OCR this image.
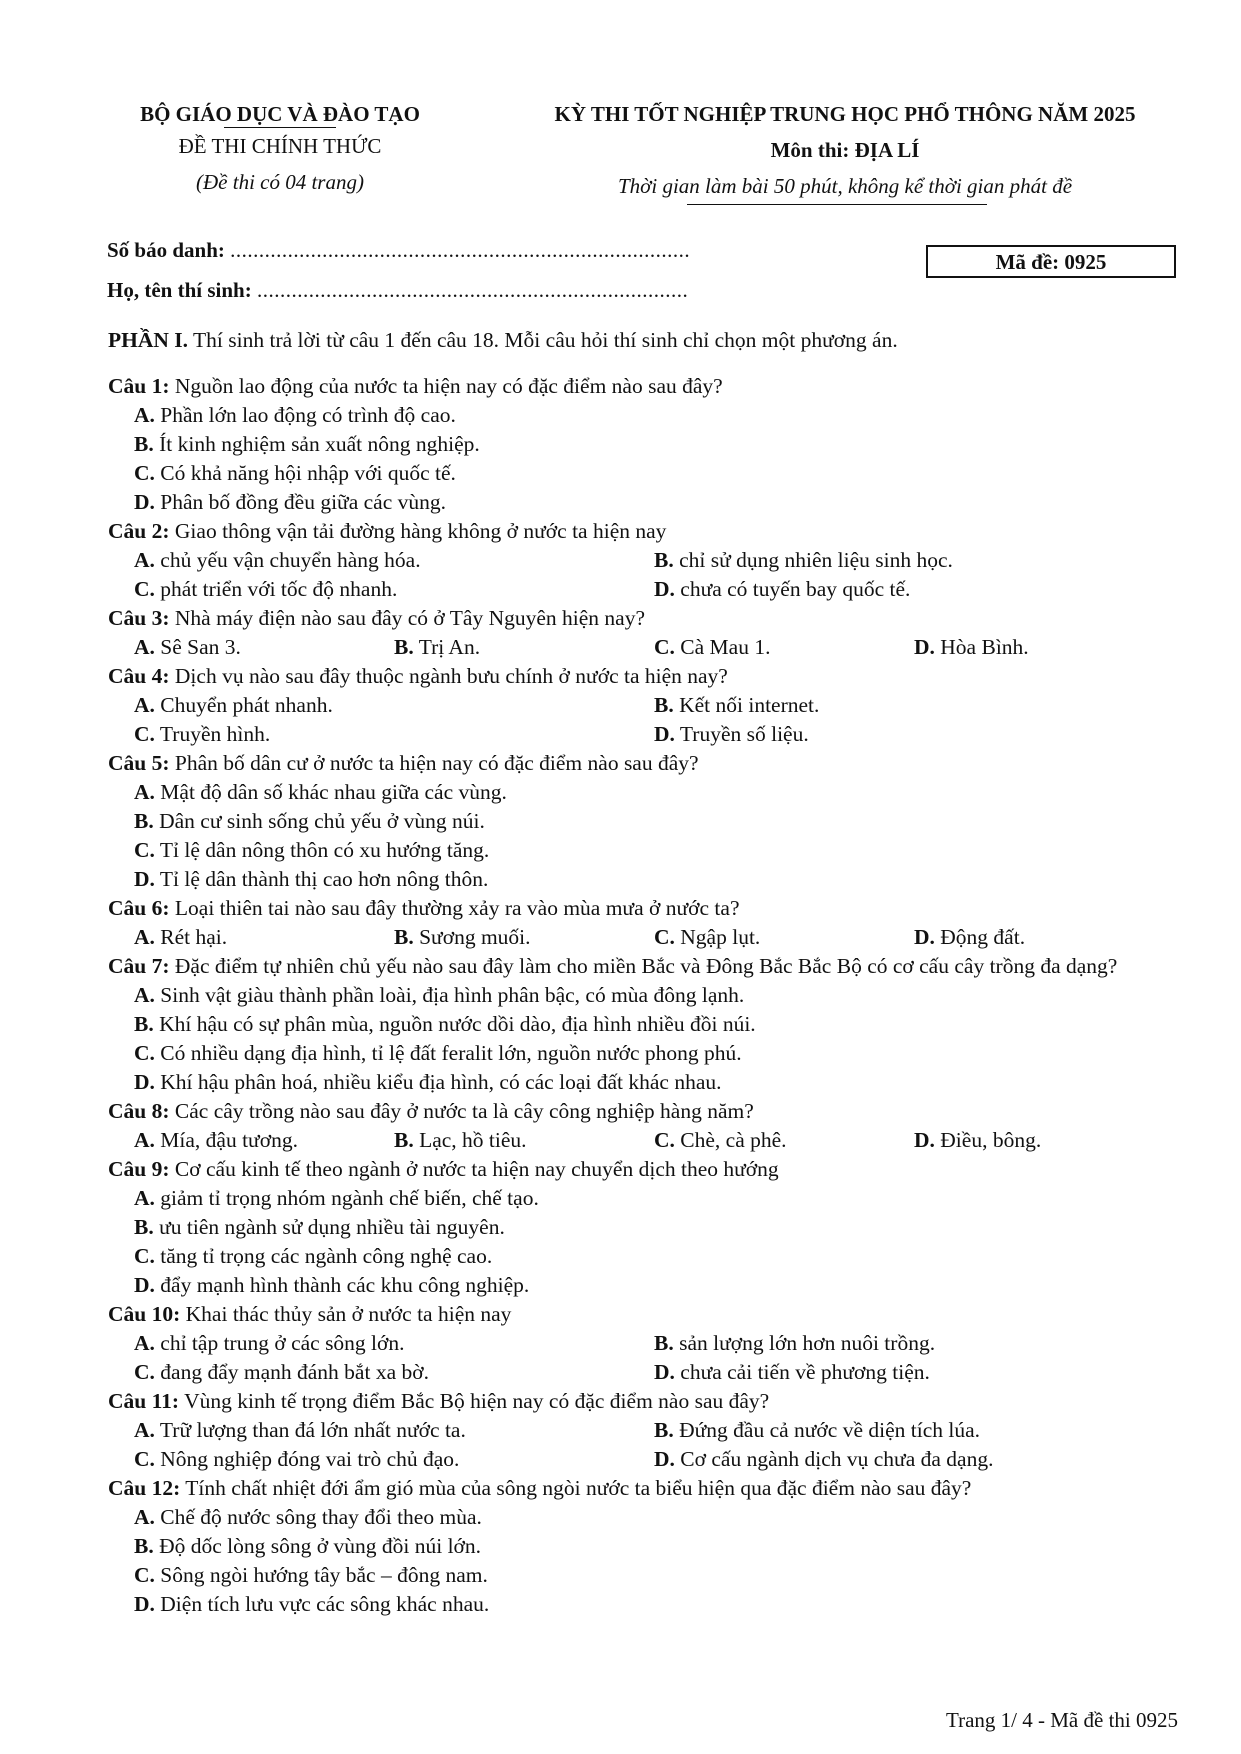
BỘ GIÁO DỤC VÀ ĐÀO TẠO
ĐỀ THI CHÍNH THỨC
(Đề thi có 04 trang)
KỲ THI TỐT NGHIỆP TRUNG HỌC PHỔ THÔNG NĂM 2025
Môn thi: ĐỊA LÍ
Thời gian làm bài 50 phút, không kể thời gian phát đề
Số báo danh: ................................................................................
Họ, tên thí sinh: ...........................................................................
Mã đề: 0925
PHẦN I. Thí sinh trả lời từ câu 1 đến câu 18. Mỗi câu hỏi thí sinh chỉ chọn một phương án.
Câu 1: Nguồn lao động của nước ta hiện nay có đặc điểm nào sau đây?
A. Phần lớn lao động có trình độ cao.
B. Ít kinh nghiệm sản xuất nông nghiệp.
C. Có khả năng hội nhập với quốc tế.
D. Phân bố đồng đều giữa các vùng.
Câu 2: Giao thông vận tải đường hàng không ở nước ta hiện nay
A. chủ yếu vận chuyển hàng hóa.	B. chỉ sử dụng nhiên liệu sinh học.
C. phát triển với tốc độ nhanh.	D. chưa có tuyến bay quốc tế.
Câu 3: Nhà máy điện nào sau đây có ở Tây Nguyên hiện nay?
A. Sê San 3.	B. Trị An.	C. Cà Mau 1.	D. Hòa Bình.
Câu 4: Dịch vụ nào sau đây thuộc ngành bưu chính ở nước ta hiện nay?
A. Chuyển phát nhanh.	B. Kết nối internet.
C. Truyền hình.	D. Truyền số liệu.
Câu 5: Phân bố dân cư ở nước ta hiện nay có đặc điểm nào sau đây?
A. Mật độ dân số khác nhau giữa các vùng.
B. Dân cư sinh sống chủ yếu ở vùng núi.
C. Tỉ lệ dân nông thôn có xu hướng tăng.
D. Tỉ lệ dân thành thị cao hơn nông thôn.
Câu 6: Loại thiên tai nào sau đây thường xảy ra vào mùa mưa ở nước ta?
A. Rét hại.	B. Sương muối.	C. Ngập lụt.	D. Động đất.
Câu 7: Đặc điểm tự nhiên chủ yếu nào sau đây làm cho miền Bắc và Đông Bắc Bắc Bộ có cơ cấu cây trồng đa dạng?
A. Sinh vật giàu thành phần loài, địa hình phân bậc, có mùa đông lạnh.
B. Khí hậu có sự phân mùa, nguồn nước dồi dào, địa hình nhiều đồi núi.
C. Có nhiều dạng địa hình, tỉ lệ đất feralit lớn, nguồn nước phong phú.
D. Khí hậu phân hoá, nhiều kiểu địa hình, có các loại đất khác nhau.
Câu 8: Các cây trồng nào sau đây ở nước ta là cây công nghiệp hàng năm?
A. Mía, đậu tương.	B. Lạc, hồ tiêu.	C. Chè, cà phê.	D. Điều, bông.
Câu 9: Cơ cấu kinh tế theo ngành ở nước ta hiện nay chuyển dịch theo hướng
A. giảm tỉ trọng nhóm ngành chế biến, chế tạo.
B. ưu tiên ngành sử dụng nhiều tài nguyên.
C. tăng tỉ trọng các ngành công nghệ cao.
D. đẩy mạnh hình thành các khu công nghiệp.
Câu 10: Khai thác thủy sản ở nước ta hiện nay
A. chỉ tập trung ở các sông lớn.	B. sản lượng lớn hơn nuôi trồng.
C. đang đẩy mạnh đánh bắt xa bờ.	D. chưa cải tiến về phương tiện.
Câu 11: Vùng kinh tế trọng điểm Bắc Bộ hiện nay có đặc điểm nào sau đây?
A. Trữ lượng than đá lớn nhất nước ta.	B. Đứng đầu cả nước về diện tích lúa.
C. Nông nghiệp đóng vai trò chủ đạo.	D. Cơ cấu ngành dịch vụ chưa đa dạng.
Câu 12: Tính chất nhiệt đới ẩm gió mùa của sông ngòi nước ta biểu hiện qua đặc điểm nào sau đây?
A. Chế độ nước sông thay đổi theo mùa.
B. Độ dốc lòng sông ở vùng đồi núi lớn.
C. Sông ngòi hướng tây bắc – đông nam.
D. Diện tích lưu vực các sông khác nhau.
Trang 1/ 4 - Mã đề thi 0925
